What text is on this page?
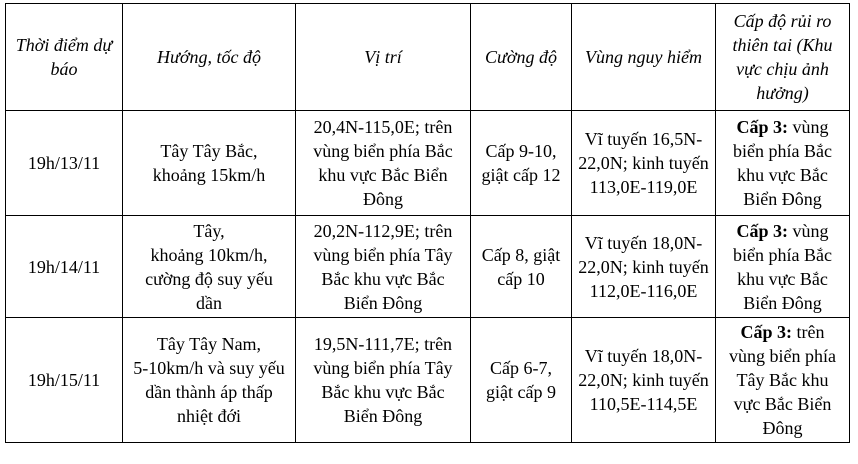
Thời điểm dự
báo	Hướng, tốc độ	Vị trí	Cường độ	Vùng nguy hiểm	Cấp độ rủi ro
thiên tai (Khu
vực chịu ảnh
hưởng)
19h/13/11	Tây Tây Bắc,
khoảng 15km/h	20,4N-115,0E; trên
vùng biển phía Bắc
khu vực Bắc Biển
Đông	Cấp 9-10,
giật cấp 12	Vĩ tuyến 16,5N-
22,0N; kinh tuyến
113,0E-119,0E	Cấp 3: vùng
biển phía Bắc
khu vực Bắc
Biển Đông
19h/14/11	Tây,
khoảng 10km/h,
cường độ suy yếu
dần	20,2N-112,9E; trên
vùng biển phía Tây
Bắc khu vực Bắc
Biển Đông	Cấp 8, giật
cấp 10	Vĩ tuyến 18,0N-
22,0N; kinh tuyến
112,0E-116,0E	Cấp 3: vùng
biển phía Bắc
khu vực Bắc
Biển Đông
19h/15/11	Tây Tây Nam,
5-10km/h và suy yếu
dần thành áp thấp
nhiệt đới	19,5N-111,7E; trên
vùng biển phía Tây
Bắc khu vực Bắc
Biển Đông	Cấp 6-7,
giật cấp 9	Vĩ tuyến 18,0N-
22,0N; kinh tuyến
110,5E-114,5E	Cấp 3: trên
vùng biển phía
Tây Bắc khu
vực Bắc Biển
Đông
